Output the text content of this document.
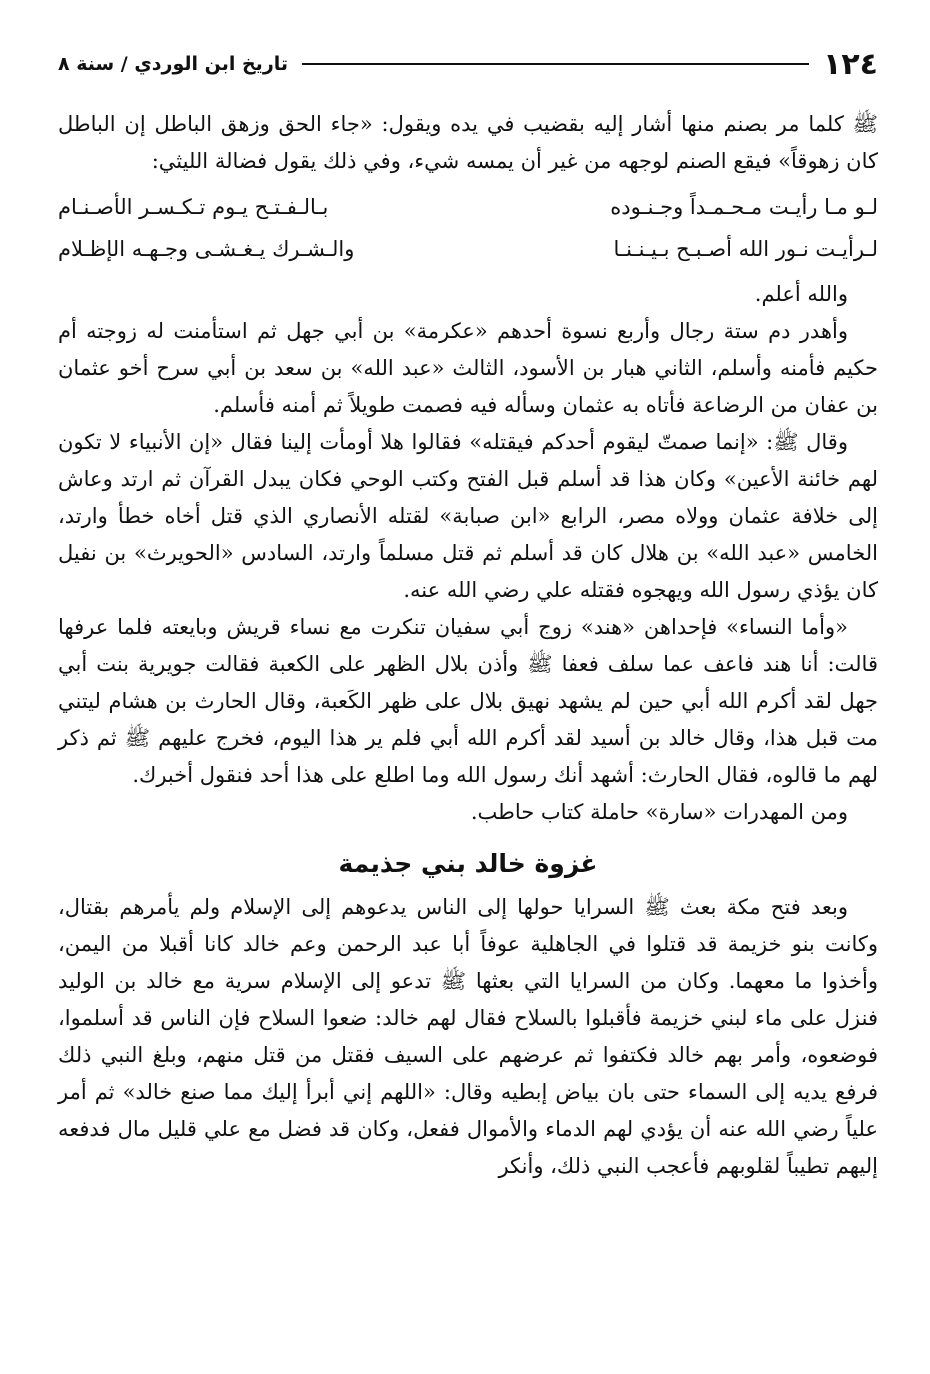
١٢٤
تاريخ ابن الوردي / سنة ٨

ﷺ كلما مر بصنم منها أشار إليه بقضيب في يده ويقول: «جاء الحق وزهق الباطل إن الباطل كان زهوقاً» فيقع الصنم لوجهه من غير أن يمسه شيء، وفي ذلك يقول فضالة الليثي:

لـو مـا رأيـت مـحـمـداً وجـنـوده
بـالـفـتـح يـوم تـكـسـر الأصـنـام
لـرأيـت نـور الله أصـبـح بـيـنـنـا
والـشـرك يـغـشـى وجـهـه الإظـلام

والله أعلم.

وأهدر دم ستة رجال وأربع نسوة أحدهم «عكرمة» بن أبي جهل ثم استأمنت له زوجته أم حكيم فأمنه وأسلم، الثاني هبار بن الأسود، الثالث «عبد الله» بن سعد بن أبي سرح أخو عثمان بن عفان من الرضاعة فأتاه به عثمان وسأله فيه فصمت طويلاً ثم أمنه فأسلم.

وقال ﷺ: «إنما صمتّ ليقوم أحدكم فيقتله» فقالوا هلا أومأت إلينا فقال «إن الأنبياء لا تكون لهم خائنة الأعين» وكان هذا قد أسلم قبل الفتح وكتب الوحي فكان يبدل القرآن ثم ارتد وعاش إلى خلافة عثمان وولاه مصر، الرابع «ابن صبابة» لقتله الأنصاري الذي قتل أخاه خطأ وارتد، الخامس «عبد الله» بن هلال كان قد أسلم ثم قتل مسلماً وارتد، السادس «الحويرث» بن نفيل كان يؤذي رسول الله ويهجوه فقتله علي رضي الله عنه.

«وأما النساء» فإحداهن «هند» زوج أبي سفيان تنكرت مع نساء قريش وبايعته فلما عرفها قالت: أنا هند فاعف عما سلف فعفا ﷺ وأذن بلال الظهر على الكعبة فقالت جويرية بنت أبي جهل لقد أكرم الله أبي حين لم يشهد نهيق بلال على ظهر الكَعبة، وقال الحارث بن هشام ليتني مت قبل هذا، وقال خالد بن أسيد لقد أكرم الله أبي فلم ير هذا اليوم، فخرج عليهم ﷺ ثم ذكر لهم ما قالوه، فقال الحارث: أشهد أنك رسول الله وما اطلع على هذا أحد فنقول أخبرك.

ومن المهدرات «سارة» حاملة كتاب حاطب.

غزوة خالد بني جذيمة

وبعد فتح مكة بعث ﷺ السرايا حولها إلى الناس يدعوهم إلى الإسلام ولم يأمرهم بقتال، وكانت بنو خزيمة قد قتلوا في الجاهلية عوفاً أبا عبد الرحمن وعم خالد كانا أقبلا من اليمن، وأخذوا ما معهما. وكان من السرايا التي بعثها ﷺ تدعو إلى الإسلام سرية مع خالد بن الوليد فنزل على ماء لبني خزيمة فأقبلوا بالسلاح فقال لهم خالد: ضعوا السلاح فإن الناس قد أسلموا، فوضعوه، وأمر بهم خالد فكتفوا ثم عرضهم على السيف فقتل من قتل منهم، وبلغ النبي ذلك فرفع يديه إلى السماء حتى بان بياض إبطيه وقال: «اللهم إني أبرأ إليك مما صنع خالد» ثم أمر علياً رضي الله عنه أن يؤدي لهم الدماء والأموال ففعل، وكان قد فضل مع علي قليل مال فدفعه إليهم تطيباً لقلوبهم فأعجب النبي ذلك، وأنكر
